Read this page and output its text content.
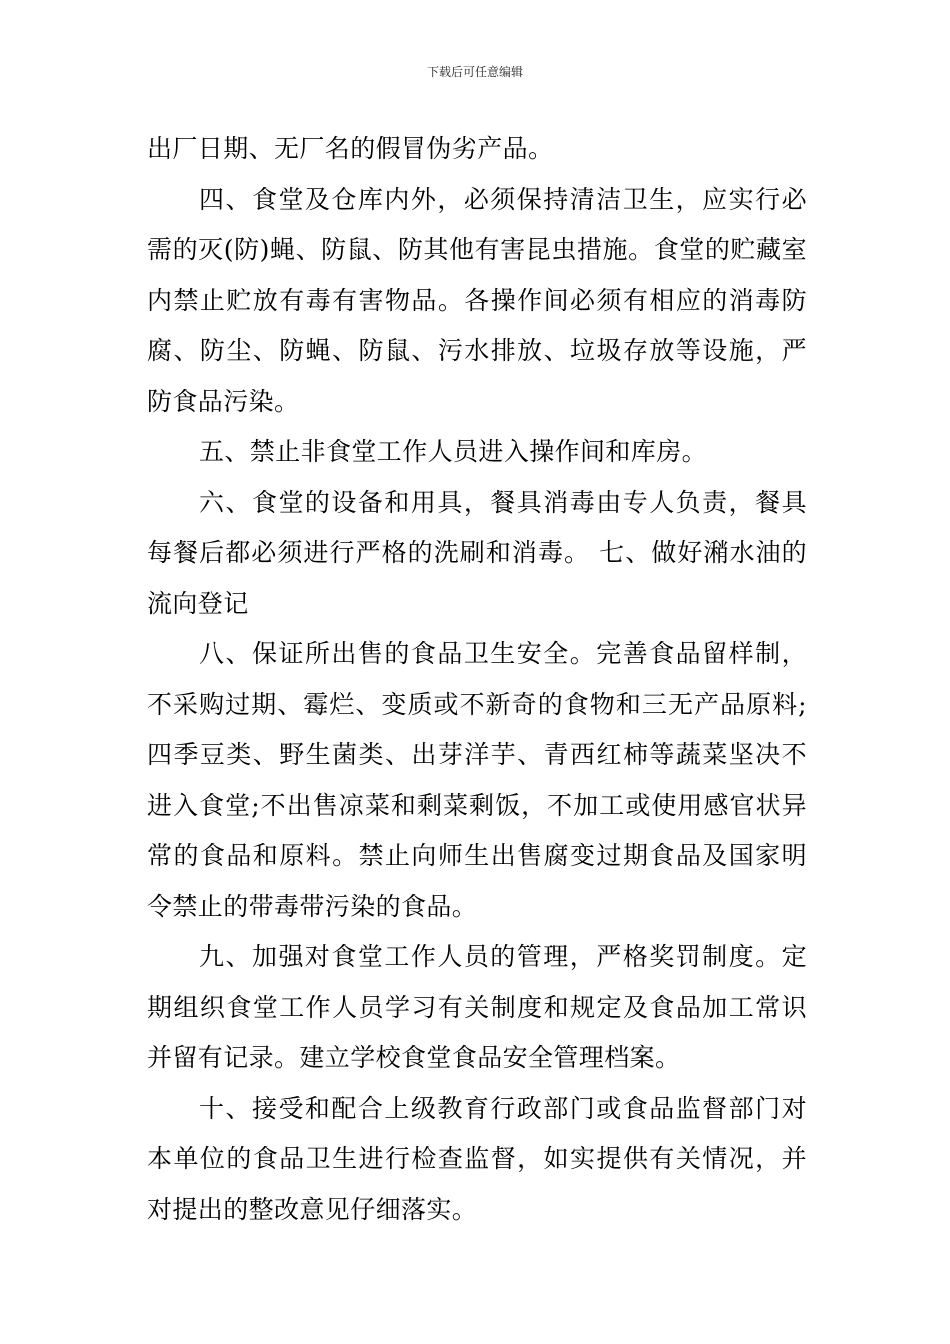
下载后可任意编辑

出厂日期、无厂名的假冒伪劣产品。

四、食堂及仓库内外，必须保持清洁卫生，应实行必需的灭(防)蝇、防鼠、防其他有害昆虫措施。食堂的贮藏室内禁止贮放有毒有害物品。各操作间必须有相应的消毒防腐、防尘、防蝇、防鼠、污水排放、垃圾存放等设施，严防食品污染。

五、禁止非食堂工作人员进入操作间和库房。

六、食堂的设备和用具，餐具消毒由专人负责，餐具每餐后都必须进行严格的洗刷和消毒。 七、做好潲水油的流向登记

八、保证所出售的食品卫生安全。完善食品留样制，不采购过期、霉烂、变质或不新奇的食物和三无产品原料;四季豆类、野生菌类、出芽洋芋、青西红柿等蔬菜坚决不进入食堂;不出售凉菜和剩菜剩饭，不加工或使用感官状异常的食品和原料。禁止向师生出售腐变过期食品及国家明令禁止的带毒带污染的食品。

九、加强对食堂工作人员的管理，严格奖罚制度。定期组织食堂工作人员学习有关制度和规定及食品加工常识并留有记录。建立学校食堂食品安全管理档案。

十、接受和配合上级教育行政部门或食品监督部门对本单位的食品卫生进行检查监督，如实提供有关情况，并对提出的整改意见仔细落实。
